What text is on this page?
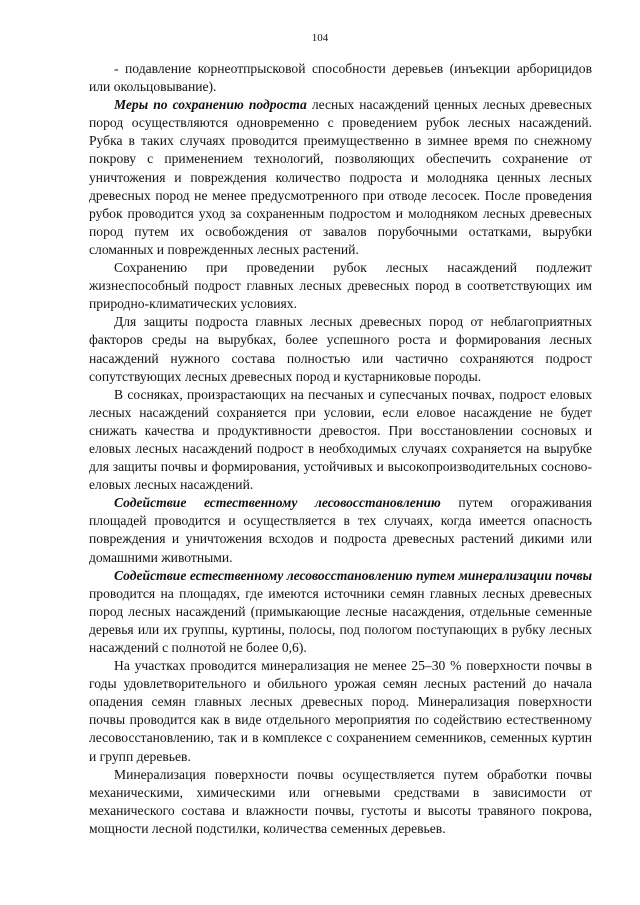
104

- подавление корнеотпрысковой способности деревьев (инъекции арборицидов или окольцовывание).

Меры по сохранению подроста лесных насаждений ценных лесных древесных пород осуществляются одновременно с проведением рубок лесных насаждений. Рубка в таких случаях проводится преимущественно в зимнее время по снежному покрову с применением технологий, позволяющих обеспечить сохранение от уничтожения и повреждения количество подроста и молодняка ценных лесных древесных пород не менее предусмотренного при отводе лесосек. После проведения рубок проводится уход за сохраненным подростом и молодняком лесных древесных пород путем их освобождения от завалов порубочными остатками, вырубки сломанных и поврежденных лесных растений.

Сохранению при проведении рубок лесных насаждений подлежит жизнеспособный подрост главных лесных древесных пород в соответствующих им природно-климатических условиях.

Для защиты подроста главных лесных древесных пород от неблагоприятных факторов среды на вырубках, более успешного роста и формирования лесных насаждений нужного состава полностью или частично сохраняются подрост сопутствующих лесных древесных пород и кустарниковые породы.

В сосняках, произрастающих на песчаных и супесчаных почвах, подрост еловых лесных насаждений сохраняется при условии, если еловое насаждение не будет снижать качества и продуктивности древостоя. При восстановлении сосновых и еловых лесных насаждений подрост в необходимых случаях сохраняется на вырубке для защиты почвы и формирования, устойчивых и высокопроизводительных сосново-еловых лесных насаждений.

Содействие естественному лесовосстановлению путем огораживания площадей проводится и осуществляется в тех случаях, когда имеется опасность повреждения и уничтожения всходов и подроста древесных растений дикими или домашними животными.

Содействие естественному лесовосстановлению путем минерализации почвы проводится на площадях, где имеются источники семян главных лесных древесных пород лесных насаждений (примыкающие лесные насаждения, отдельные семенные деревья или их группы, куртины, полосы, под пологом поступающих в рубку лесных насаждений с полнотой не более 0,6).

На участках проводится минерализация не менее 25–30 % поверхности почвы в годы удовлетворительного и обильного урожая семян лесных растений до начала опадения семян главных лесных древесных пород. Минерализация поверхности почвы проводится как в виде отдельного мероприятия по содействию естественному лесовосстановлению, так и в комплексе с сохранением семенников, семенных куртин и групп деревьев.

Минерализация поверхности почвы осуществляется путем обработки почвы механическими, химическими или огневыми средствами в зависимости от механического состава и влажности почвы, густоты и высоты травяного покрова, мощности лесной подстилки, количества семенных деревьев.
